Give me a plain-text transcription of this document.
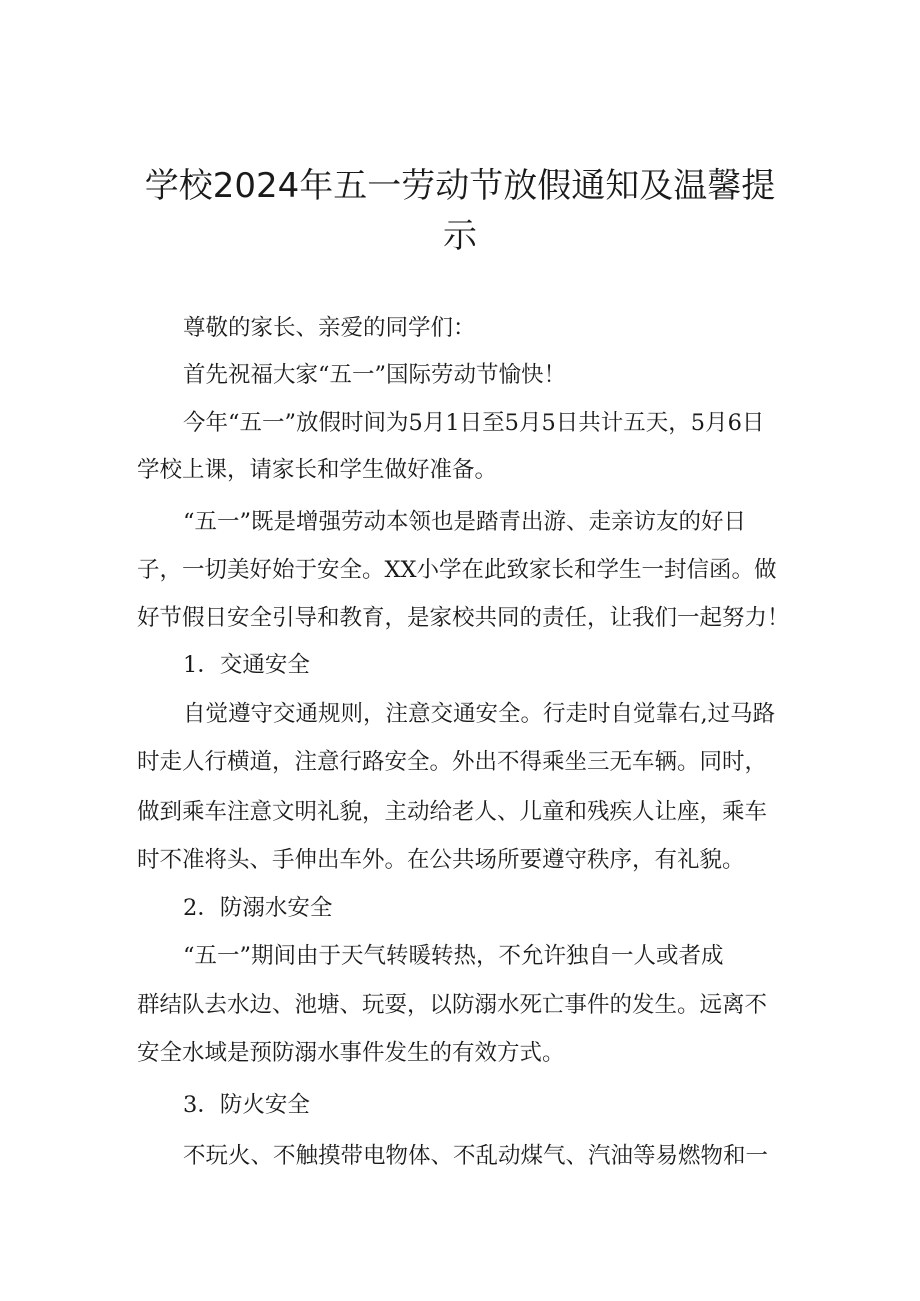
学校2024年五一劳动节放假通知及温馨提
示

尊敬的家长、亲爱的同学们：

首先祝福大家“五一”国际劳动节愉快！

今年“五一”放假时间为5月1日至5月5日共计五天，5月6日

学校上课，请家长和学生做好准备。

“五一”既是增强劳动本领也是踏青出游、走亲访友的好日

子，一切美好始于安全。XX小学在此致家长和学生一封信函。做

好节假日安全引导和教育，是家校共同的责任，让我们一起努力！

1．交通安全

自觉遵守交通规则，注意交通安全。行走时自觉靠右,过马路

时走人行横道，注意行路安全。外出不得乘坐三无车辆。同时，

做到乘车注意文明礼貌，主动给老人、儿童和残疾人让座，乘车

时不准将头、手伸出车外。在公共场所要遵守秩序，有礼貌。

2．防溺水安全

“五一”期间由于天气转暖转热，不允许独自一人或者成

群结队去水边、池塘、玩耍，以防溺水死亡事件的发生。远离不

安全水域是预防溺水事件发生的有效方式。

3．防火安全

不玩火、不触摸带电物体、不乱动煤气、汽油等易燃物和一
